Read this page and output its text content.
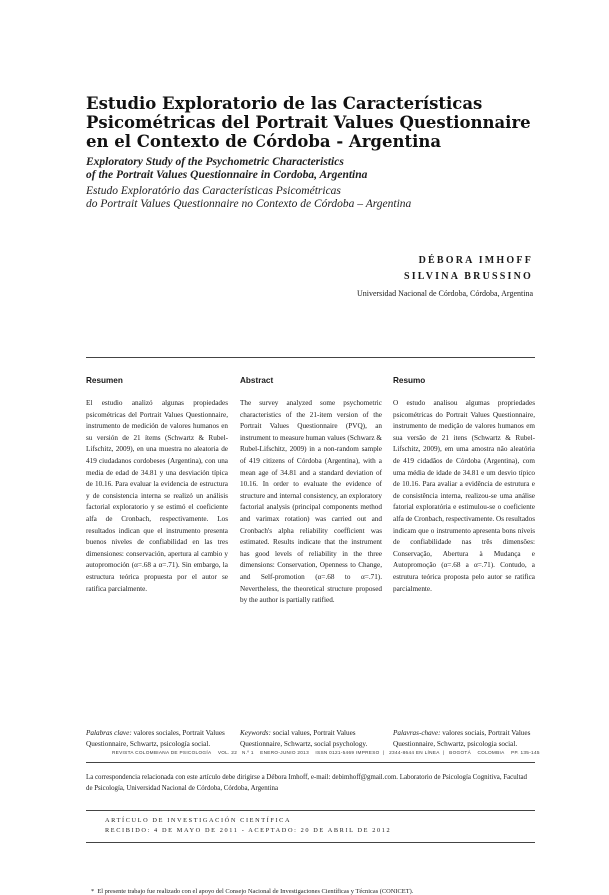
Estudio Exploratorio de las Características
Psicométricas del Portrait Values Questionnaire
en el Contexto de Córdoba - Argentina
Exploratory Study of the Psychometric Characteristics
of the Portrait Values Questionnaire in Cordoba, Argentina
Estudo Exploratório das Características Psicométricas
do Portrait Values Questionnaire no Contexto de Córdoba – Argentina
DÉBORA IMHOFF
SILVINA BRUSSINO
Universidad Nacional de Córdoba, Córdoba, Argentina
Resumen

El estudio analizó algunas propiedades psicométricas del Portrait Values Questionnaire, instrumento de medición de valores humanos en su versión de 21 ítems (Schwartz & Rubel-Lifschitz, 2009), en una muestra no aleatoria de 419 ciudadanos cordobeses (Argentina), con una media de edad de 34.81 y una desviación típica de 10.16. Para evaluar la evidencia de estructura y de consistencia interna se realizó un análisis factorial exploratorio y se estimó el coeficiente alfa de Cronbach, respectivamente. Los resultados indican que el instrumento presenta buenos niveles de confiabilidad en las tres dimensiones: conservación, apertura al cambio y autopromoción (α=.68 a α=.71). Sin embargo, la estructura teórica propuesta por el autor se ratifica parcialmente.

Abstract

The survey analyzed some psychometric characteristics of the 21-item version of the Portrait Values Questionnaire (PVQ), an instrument to measure human values (Schwarz & Rubel-Lifschitz, 2009) in a non-random sample of 419 citizens of Córdoba (Argentina), with a mean age of 34.81 and a standard deviation of 10.16. In order to evaluate the evidence of structure and internal consistency, an exploratory factorial analysis (principal components method and varimax rotation) was carried out and Cronbach's alpha reliability coefficient was estimated. Results indicate that the instrument has good levels of reliability in the three dimensions: Conservation, Openness to Change, and Self-promotion (α=.68 to α=.71). Nevertheless, the theoretical structure proposed by the author is partially ratified.

Resumo

O estudo analisou algumas propriedades psicométricas do Portrait Values Questionnaire, instrumento de medição de valores humanos em sua versão de 21 itens (Schwartz & Rubel-Lifschitz, 2009), em uma amostra não aleatória de 419 cidadãos de Córdoba (Argentina), com uma média de idade de 34.81 e um desvio típico de 10.16. Para avaliar a evidência de estrutura e de consistência interna, realizou-se uma análise fatorial exploratória e estimulou-se o coeficiente alfa de Cronbach, respectivamente. Os resultados indicam que o instrumento apresenta bons níveis de confiabilidade nas três dimensões: Conservação, Abertura à Mudança e Autopromoção (α=.68 a α=.71). Contudo, a estrutura teórica proposta pelo autor se ratifica parcialmente.

Palabras clave: valores sociales, Portrait Values Questionnaire, Schwartz, psicología social.
Keywords: social values, Portrait Values Questionnaire, Schwartz, social psychology.
Palavras-chave: valores sociais, Portrait Values Questionnaire, Schwartz, psicologia social.
La correspondencia relacionada con este artículo debe dirigirse a Débora Imhoff, e-mail: debimhoff@gmail.com. Laboratorio de Psicología Cognitiva, Facultad de Psicología, Universidad Nacional de Córdoba, Córdoba, Argentina
ARTÍCULO DE INVESTIGACIÓN CIENTÍFICA
RECIBIDO: 4 DE MAYO DE 2011 - ACEPTADO: 20 DE ABRIL DE 2012
* El presente trabajo fue realizado con el apoyo del Consejo Nacional de Investigaciones Científicas y Técnicas (CONICET).
REVISTA COLOMBIANA DE PSICOLOGÍA VOL. 22 N.º 1 ENERO-JUNIO 2013 ISSN 0121-5469 IMPRESO  |   2344-8644 EN LÍNEA  |   BOGOTÁ COLOMBIA PP. 135-145
